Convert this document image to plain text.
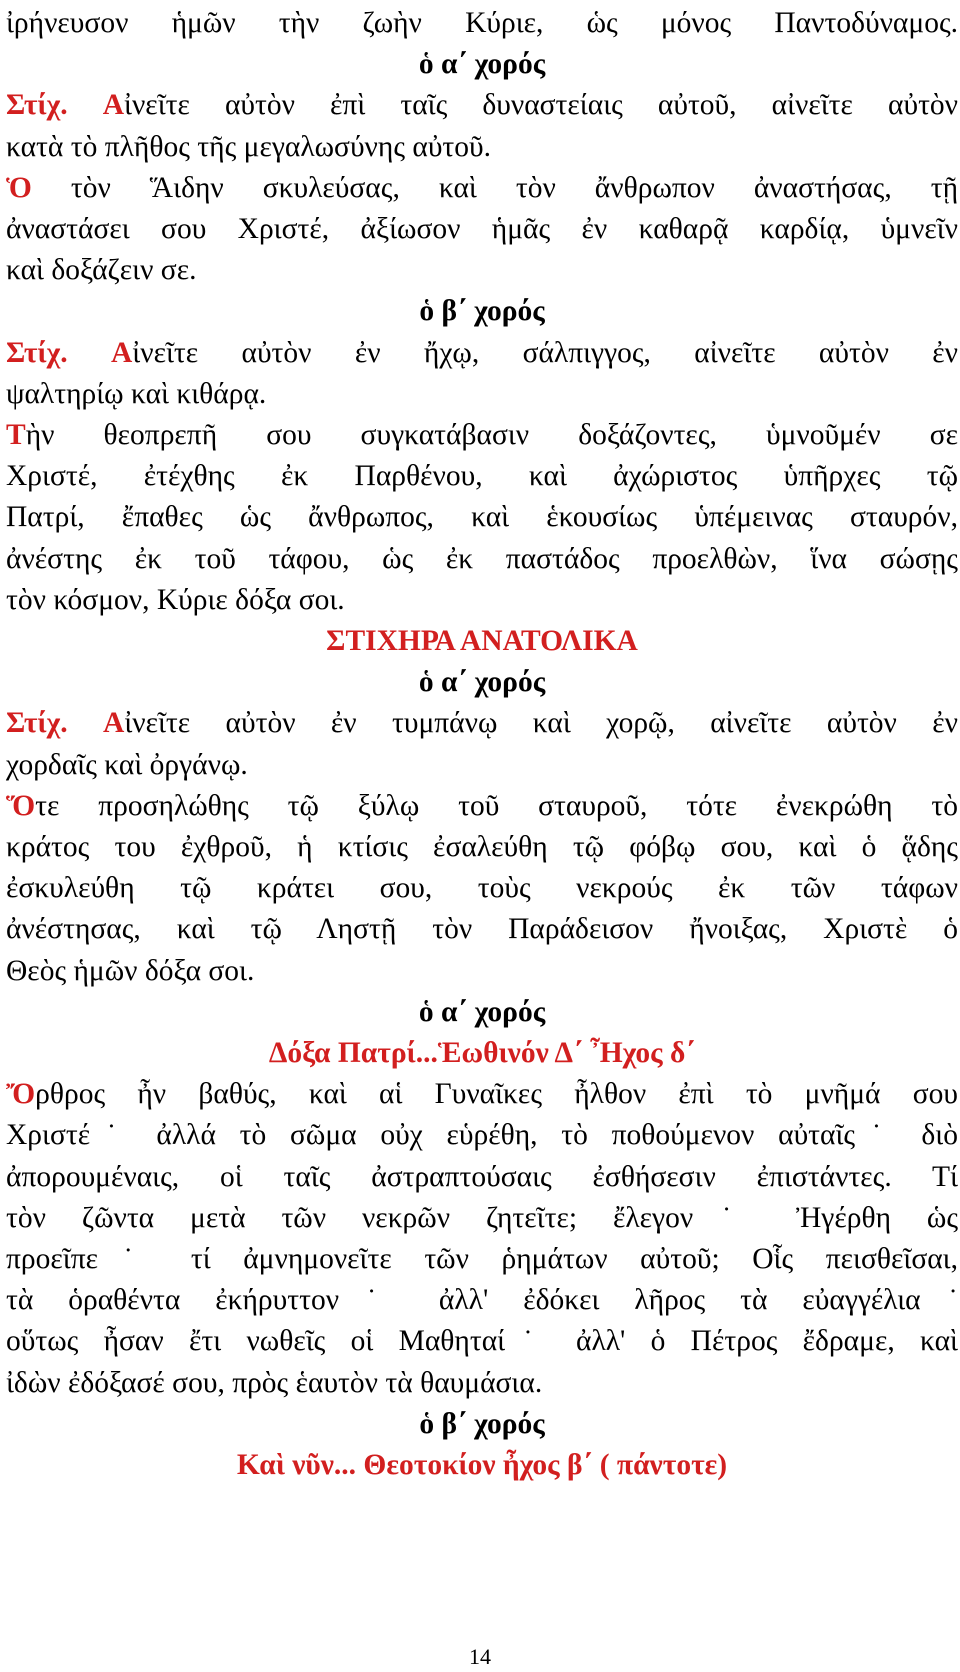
ἰρήνευσον ἡμῶν τὴν ζωὴν Κύριε, ὡς μόνος Παντοδύναμος.
ὁ α΄ χορός
Στίχ. Αἰνεῖτε αὐτὸν ἐπὶ ταῖς δυναστείαις αὐτοῦ, αἰνεῖτε αὐτὸν
κατὰ τὸ πλῆθος τῆς μεγαλωσύνης αὐτοῦ.
Ὁ τὸν Ἅιδην σκυλεύσας, καὶ τὸν ἄνθρωπον ἀναστήσας, τῇ
ἀναστάσει σου Χριστέ, ἀξίωσον ἡμᾶς ἐν καθαρᾷ καρδίᾳ, ὑμνεῖν
καὶ δοξάζειν σε.
ὁ β΄ χορός
Στίχ. Αἰνεῖτε αὐτὸν ἐν ἤχῳ, σάλπιγγος, αἰνεῖτε αὐτὸν ἐν
ψαλτηρίῳ καὶ κιθάρᾳ.
Τὴν θεοπρεπῆ σου συγκατάβασιν δοξάζοντες, ὑμνοῦμέν σε
Χριστέ, ἐτέχθης ἐκ Παρθένου, καὶ ἀχώριστος ὑπῆρχες τῷ
Πατρί, ἔπαθες ὡς ἄνθρωπος, καὶ ἑκουσίως ὑπέμεινας σταυρόν,
ἀνέστης ἐκ τοῦ τάφου, ὡς ἐκ παστάδος προελθὼν, ἵνα σώσῃς
τὸν κόσμον, Κύριε δόξα σοι.
ΣΤΙΧΗΡΑ ΑΝΑΤΟΛΙΚΑ
ὁ α΄ χορός
Στίχ. Αἰνεῖτε αὐτὸν ἐν τυμπάνῳ καὶ χορῷ, αἰνεῖτε αὐτὸν ἐν
χορδαῖς καὶ ὀργάνῳ.
Ὅτε προσηλώθης τῷ ξύλῳ τοῦ σταυροῦ, τότε ἐνεκρώθη τὸ
κράτος του ἐχθροῦ, ἡ κτίσις ἐσαλεύθη τῷ φόβῳ σου, καὶ ὁ ᾅδης
ἐσκυλεύθη τῷ κράτει σου, τοὺς νεκρούς ἐκ τῶν τάφων
ἀνέστησας, καὶ τῷ Ληστῇ τὸν Παράδεισον ἤνοιξας, Χριστὲ ὁ
Θεὸς ἡμῶν δόξα σοι.
ὁ α΄ χορός
Δόξα Πατρί...Ἑωθινόν Δ΄ Ἦχος δ΄
Ὄρθρος ἦν βαθύς, καὶ αἱ Γυναῖκες ἦλθον ἐπὶ τὸ μνῆμά σου
Χριστέ˙ ἀλλά τὸ σῶμα οὐχ εὑρέθη, τὸ ποθούμενον αὐταῖς˙ διὸ
ἀπορουμέναις, οἱ ταῖς ἀστραπτούσαις ἐσθήσεσιν ἐπιστάντες. Τί
τὸν ζῶντα μετὰ τῶν νεκρῶν ζητεῖτε; ἔλεγον˙ Ἠγέρθη ὡς
προεῖπε˙ τί ἀμνημονεῖτε τῶν ῥημάτων αὐτοῦ; Οἷς πεισθεῖσαι,
τὰ ὁραθέντα ἐκήρυττον˙ ἀλλ' ἐδόκει λῆρος τὰ εὐαγγέλια˙
οὕτως ἦσαν ἔτι νωθεῖς οἱ Μαθηταί˙ ἀλλ' ὁ Πέτρος ἔδραμε, καὶ
ἰδὼν ἐδόξασέ σου, πρὸς ἑαυτὸν τὰ θαυμάσια.
ὁ β΄ χορός
Καὶ νῦν... Θεοτοκίον ἦχος β΄ ( πάντοτε)
14
